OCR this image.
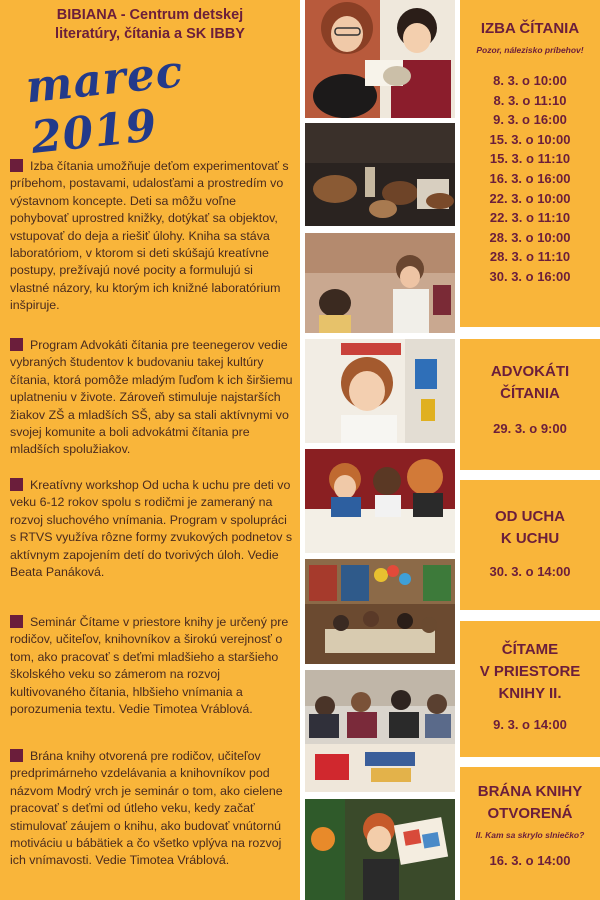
BIBIANA - Centrum detskej
literatúry, čítania a SK IBBY
marec 2019

Izba čítania umožňuje deťom experimentovať s príbehom, postavami, udalosťami a prostredím vo výstavnom koncepte. Deti sa môžu voľne pohybovať uprostred knižky, dotýkať sa objektov, vstupovať do deja a riešiť úlohy. Kniha sa stáva laboratóriom, v ktorom si deti skúšajú kreatívne postupy, prežívajú nové pocity a formulujú si vlastné názory, ku ktorým ich knižné laboratórium inšpiruje.

Program Advokáti čítania pre teenegerov vedie vybraných študentov k budovaniu takej kultúry čítania, ktorá pomôže mladým ľuďom k ich širšiemu uplatneniu v živote. Zároveň stimuluje najstarších žiakov ZŠ a mladších SŠ, aby sa stali aktívnymi vo svojej komunite a boli advokátmi čítania pre mladších spolužiakov.

Kreatívny workshop Od ucha k uchu pre deti vo veku 6-12 rokov spolu s rodičmi je zameraný na rozvoj sluchového vnímania. Program v spolupráci s RTVS využíva rôzne formy zvukových podnetov s aktívnym zapojením detí do tvorivých úloh. Vedie Beata Panáková.

Seminár Čítame v priestore knihy je určený pre rodičov, učiteľov, knihovníkov a širokú verejnosť o tom, ako pracovať s deťmi mladšieho a staršieho školského veku so zámerom na rozvoj kultivovaného čítania, hlbšieho vnímania a porozumenia textu. Vedie Timotea Vráblová.

Brána knihy otvorená pre rodičov, učiteľov predprimárneho vzdelávania a knihovníkov pod názvom Modrý vrch je seminár o tom, ako cielene pracovať s deťmi od útleho veku, kedy začať stimulovať záujem o knihu, ako budovať vnútornú motiváciu u bábätiek a čo všetko vplýva na rozvoj ich vnímavosti. Vedie Timotea Vráblová.

IZBA ČÍTANIA
Pozor, nálezisko príbehov!
8. 3. o 10:00
8. 3. o 11:10
9. 3. o 16:00
15. 3. o 10:00
15. 3. o 11:10
16. 3. o 16:00
22. 3. o 10:00
22. 3. o 11:10
28. 3. o 10:00
28. 3. o 11:10
30. 3. o 16:00
ADVOKÁTI
ČÍTANIA
29. 3. o 9:00
OD UCHA
K UCHU
30. 3. o 14:00
ČÍTAME
V PRIESTORE
KNIHY II.
9. 3. o 14:00
BRÁNA KNIHY
OTVORENÁ
II. Kam sa skrylo slniečko?
16. 3. o 14:00
